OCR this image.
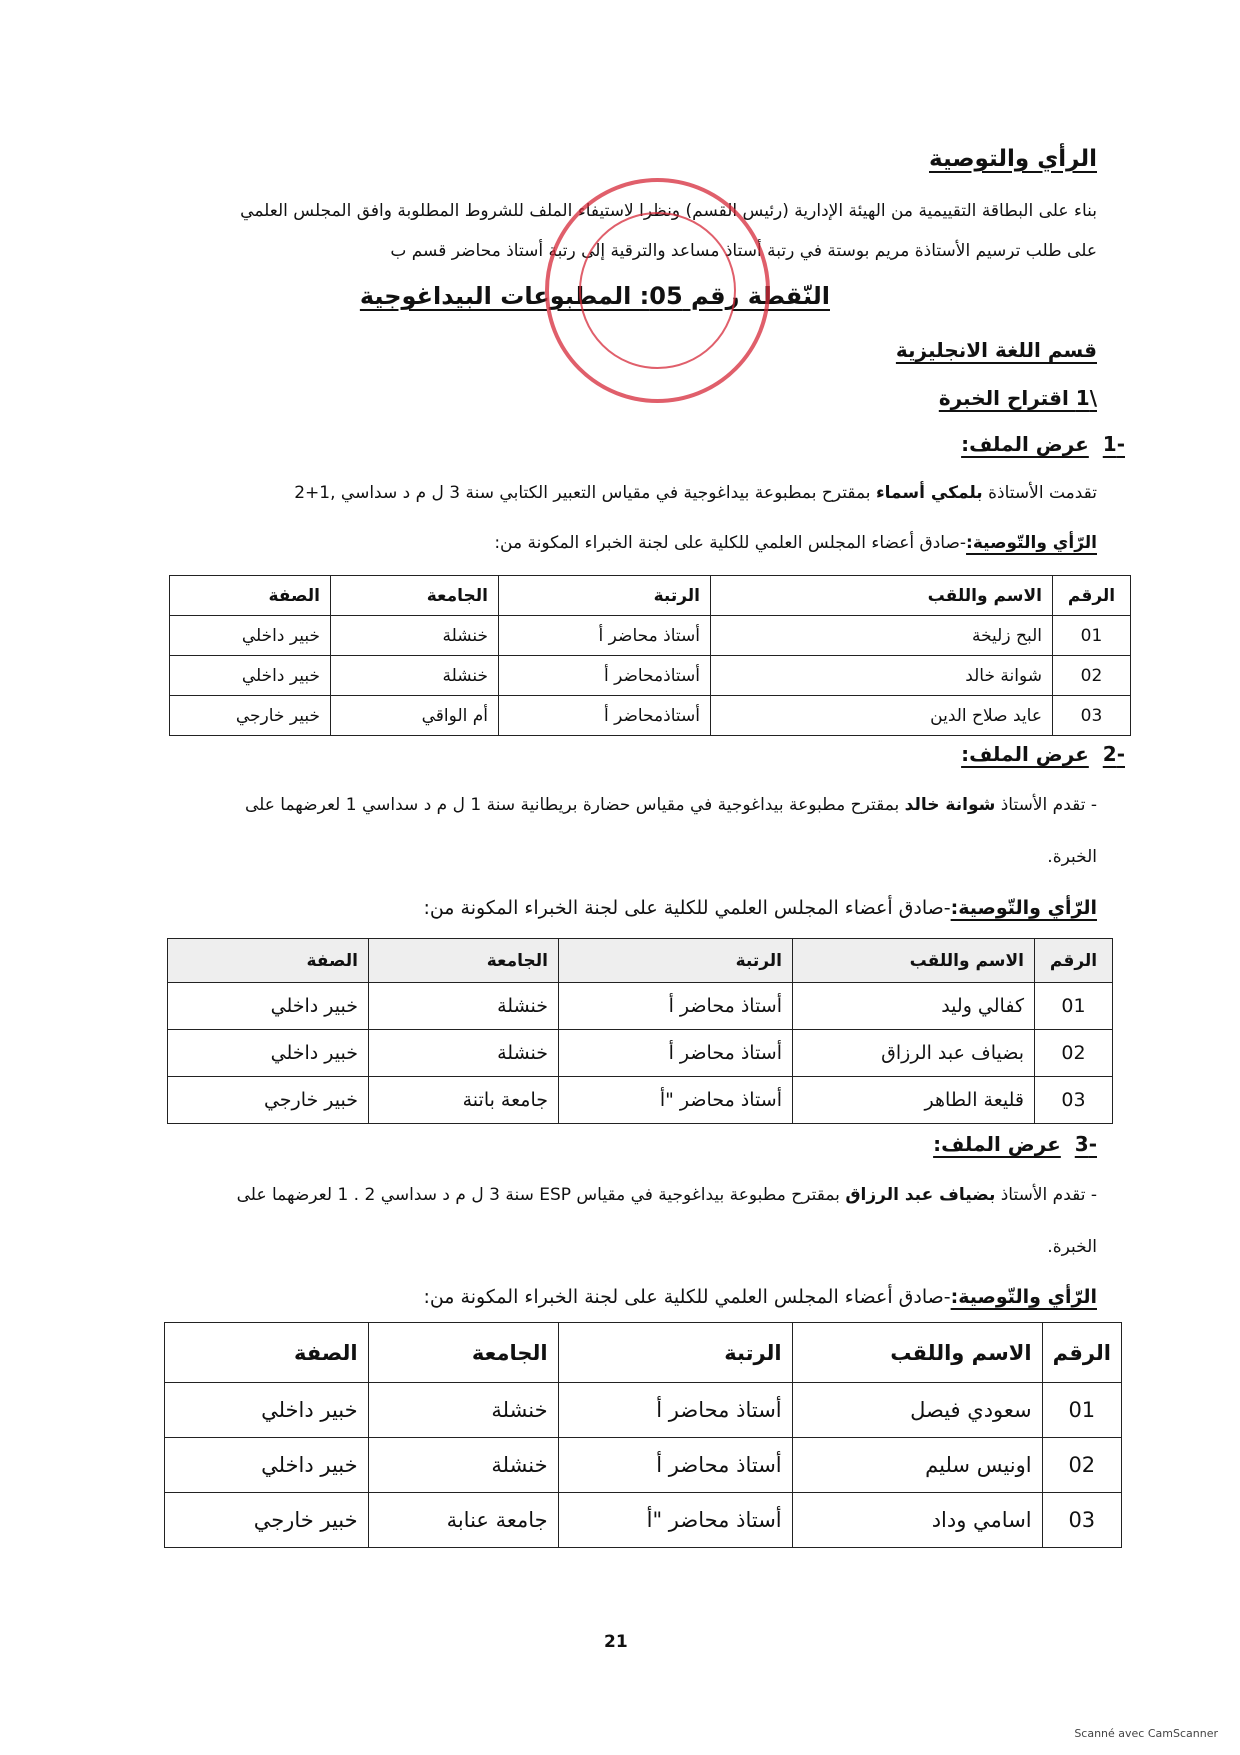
الرأي والتوصية
بناء على البطاقة التقييمية من الهيئة الإدارية (رئيس القسم) ونظرا لاستيفاء الملف للشروط المطلوبة وافق المجلس العلمي
على طلب ترسيم الأستاذة مريم بوستة في رتبة أستاذ مساعد والترقية إلى رتبة أستاذ محاضر قسم ب
النّقطة رقم 05: المطبوعات البيداغوجية
قسم اللغة الانجليزية
\1 اقتراح الخبرة
-1  عرض الملف:
تقدمت الأستاذة بلمكي أسماء بمقترح بمطبوعة بيداغوجية في مقياس التعبير الكتابي سنة 3 ل م د سداسي ,1+2
الرّأي والتّوصية:-صادق أعضاء المجلس العلمي للكلية على لجنة الخبراء المكونة من:
الرقم	الاسم واللقب	الرتبة	الجامعة	الصفة
01	البح زليخة	أستاذ محاضر أ	خنشلة	خبير داخلي
02	شوانة خالد	أستاذمحاضر أ	خنشلة	خبير داخلي
03	عايد صلاح الدين	أستاذمحاضر أ	أم الواقي	خبير خارجي
-2  عرض الملف:
- تقدم الأستاذ شوانة خالد بمقترح مطبوعة بيداغوجية في مقياس حضارة بريطانية سنة 1 ل م د سداسي 1 لعرضهما على
الخبرة.
الرّأي والتّوصية:-صادق أعضاء المجلس العلمي للكلية على لجنة الخبراء المكونة من:
الرقم	الاسم واللقب	الرتبة	الجامعة	الصفة
01	كفالي وليد	أستاذ محاضر أ	خنشلة	خبير داخلي
02	بضياف عبد الرزاق	أستاذ محاضر أ	خنشلة	خبير داخلي
03	قليعة الطاهر	أستاذ محاضر "أ	جامعة باتنة	خبير خارجي
-3  عرض الملف:
- تقدم الأستاذ بضياف عبد الرزاق بمقترح مطبوعة بيداغوجية في مقياس ESP سنة 3 ل م د سداسي 2 . 1 لعرضهما على
الخبرة.
الرّأي والتّوصية:-صادق أعضاء المجلس العلمي للكلية على لجنة الخبراء المكونة من:
الرقم	الاسم واللقب	الرتبة	الجامعة	الصفة
01	سعودي فيصل	أستاذ محاضر أ	خنشلة	خبير داخلي
02	اونيس سليم	أستاذ محاضر أ	خنشلة	خبير داخلي
03	اسامي وداد	أستاذ محاضر "أ	جامعة عنابة	خبير خارجي
21
Scanné avec CamScanner
